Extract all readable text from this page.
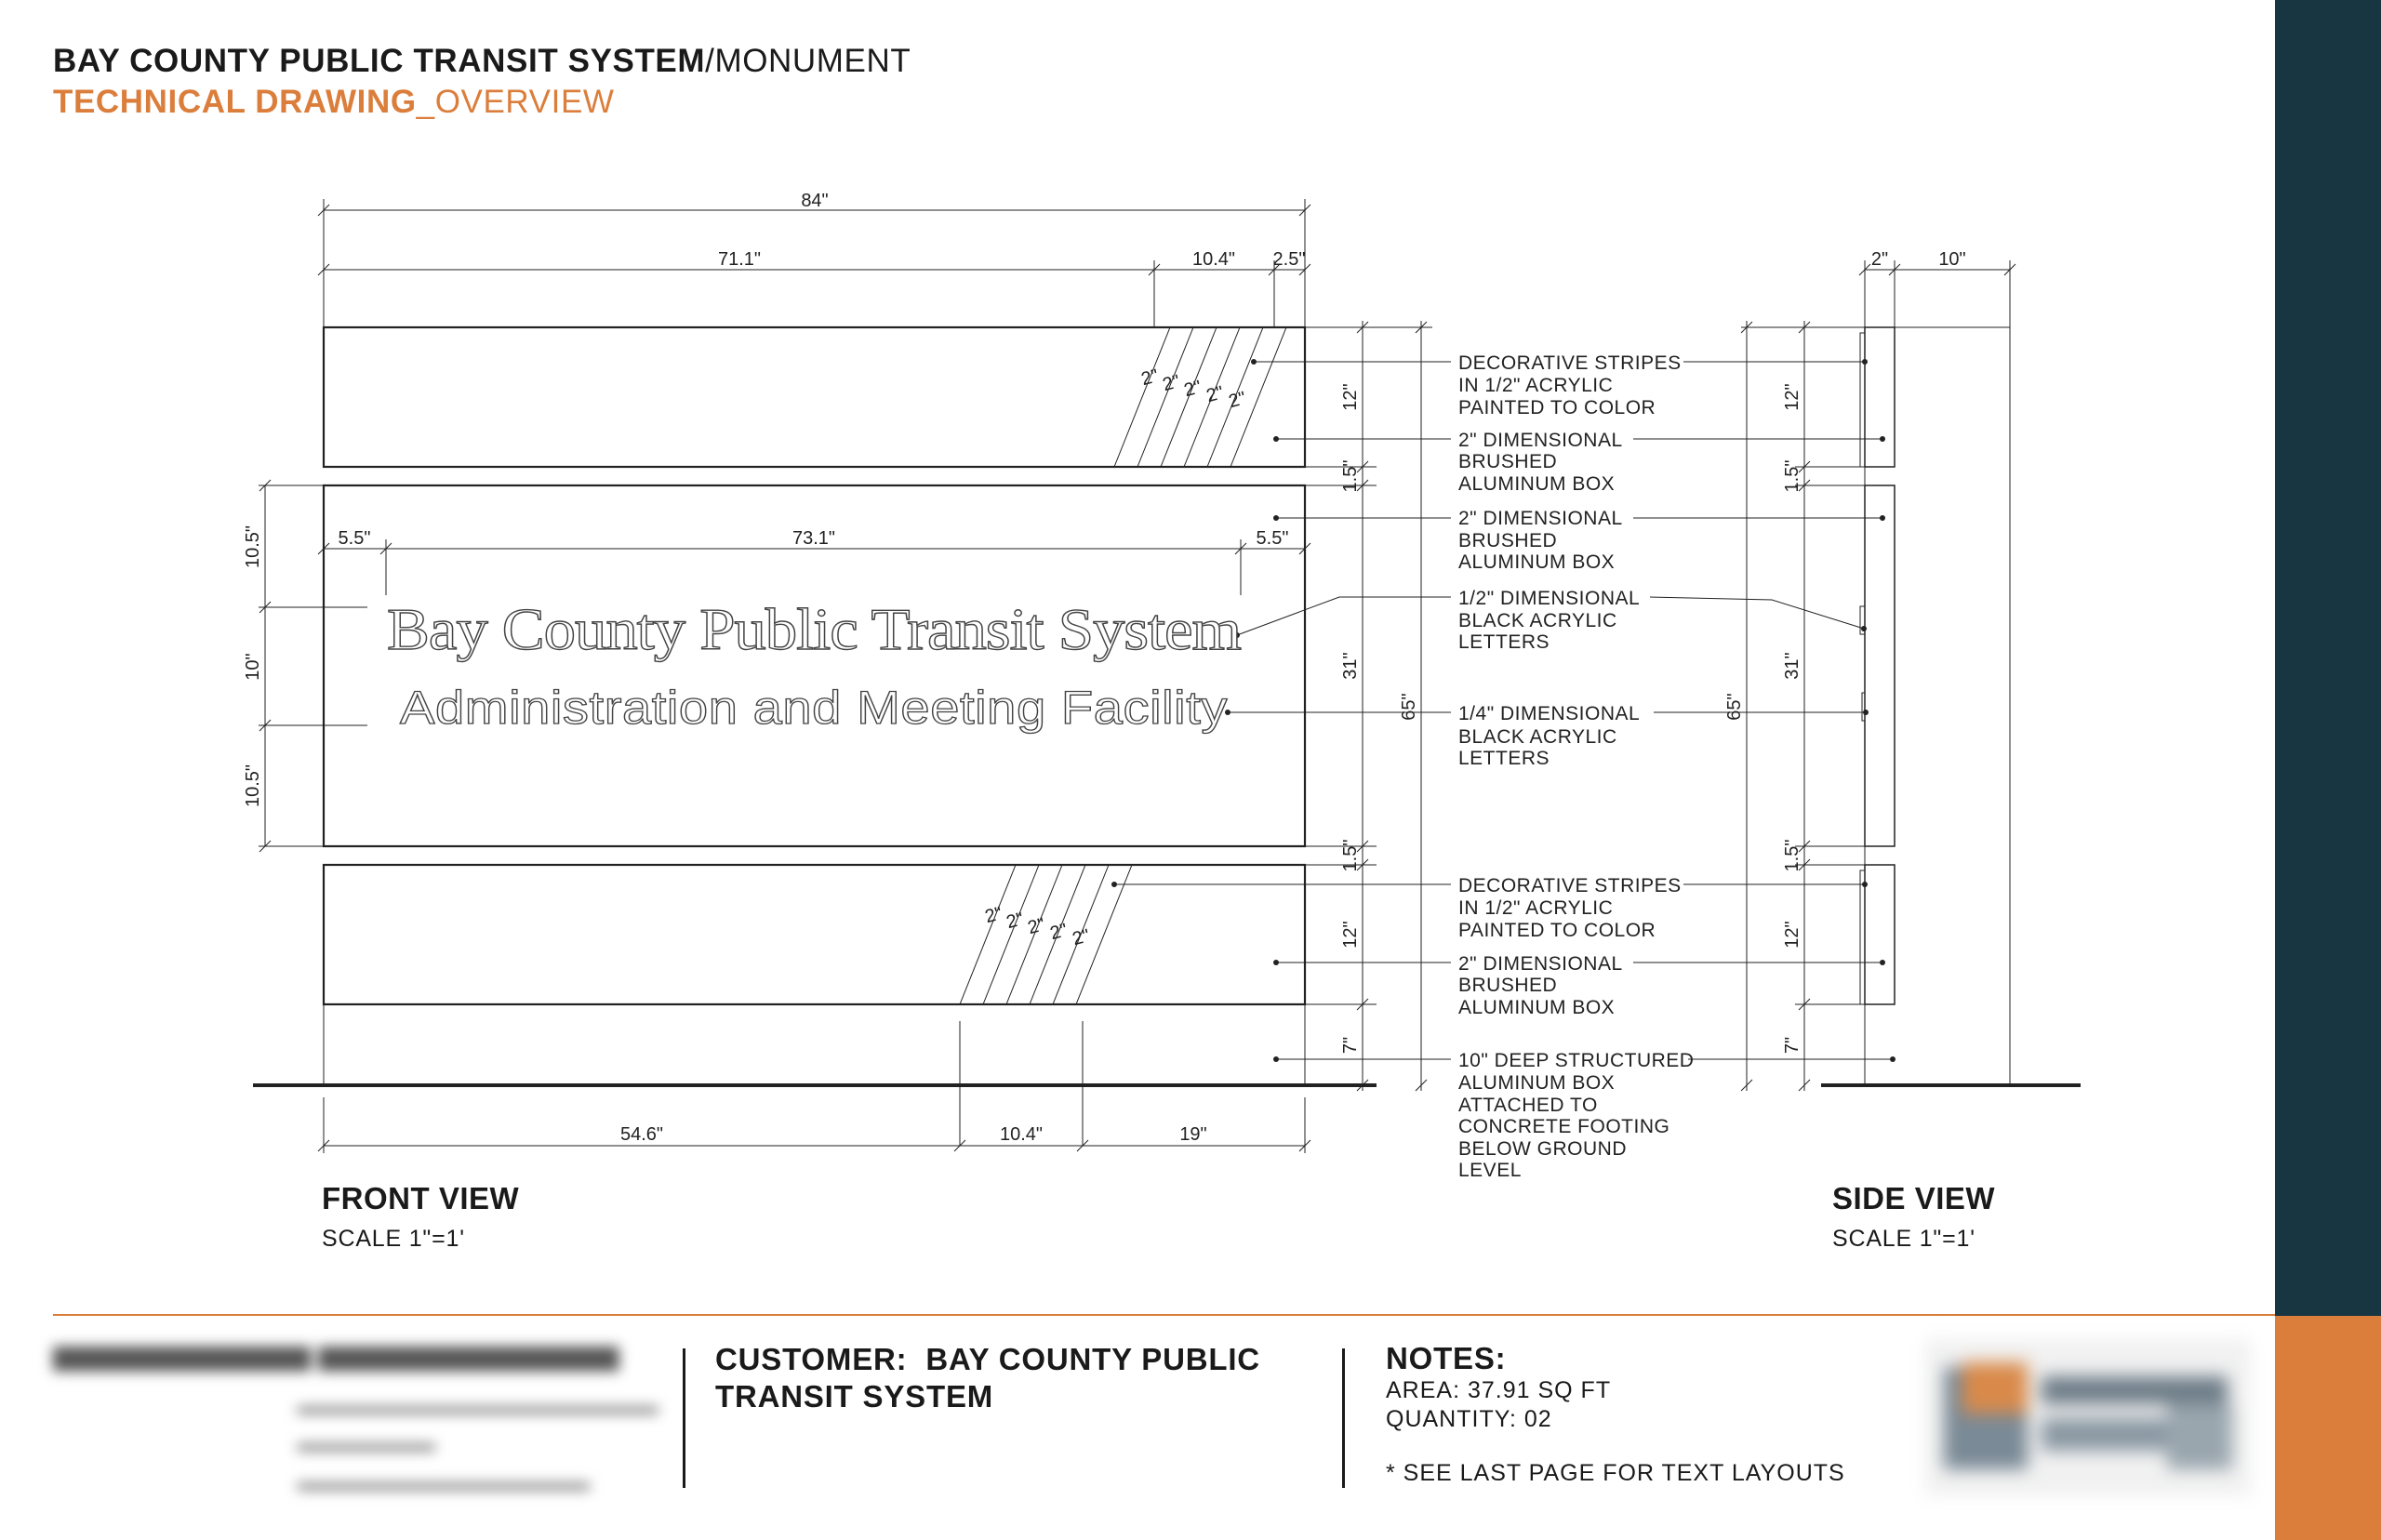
BAY COUNTY PUBLIC TRANSIT SYSTEM/MONUMENT
TECHNICAL DRAWING_OVERVIEW
Bay County Public Transit System
Administration and Meeting Facility
84"
71.1"	10.4" 2.5"
5.5"	73.1"	5.5"
2" 2" 2" 2" 2"
2" 2" 2" 2" 2"
54.6"	10.4"	19"
10.5"
10"
10.5"
12"
1.5"
31"
1.5"
12"
7"
65"
2"	10"
65"
12"
1.5"
31"
1.5"
12"
7"
DECORATIVE STRIPES
IN 1/2" ACRYLIC
PAINTED TO COLOR
2" DIMENSIONAL
BRUSHED
ALUMINUM BOX
2" DIMENSIONAL
BRUSHED
ALUMINUM BOX
1/2" DIMENSIONAL
BLACK ACRYLIC
LETTERS
1/4" DIMENSIONAL
BLACK ACRYLIC
LETTERS
DECORATIVE STRIPES
IN 1/2" ACRYLIC
PAINTED TO COLOR
2" DIMENSIONAL
BRUSHED
ALUMINUM BOX
10" DEEP STRUCTURED
ALUMINUM BOX
ATTACHED TO
CONCRETE FOOTING
BELOW GROUND
LEVEL
FRONT VIEW
SCALE 1"=1'
SIDE VIEW
SCALE 1"=1'
▆▆▆▆▆▆▆▆▆▆▆▆ ▆▆▆▆▆▆▆▆▆▆▆▆▆▆
▂▂▂▂▂▂▂▂▂▂▂▂▂▂▂▂▂▂▂▂▂
▂▂▂▂▂▂▂▂
▂▂▂▂▂▂▂▂▂▂▂▂▂▂▂▂▂
CUSTOMER:  BAY COUNTY PUBLIC
TRANSIT SYSTEM
NOTES:
AREA: 37.91 SQ FT
QUANTITY: 02
* SEE LAST PAGE FOR TEXT LAYOUTS
